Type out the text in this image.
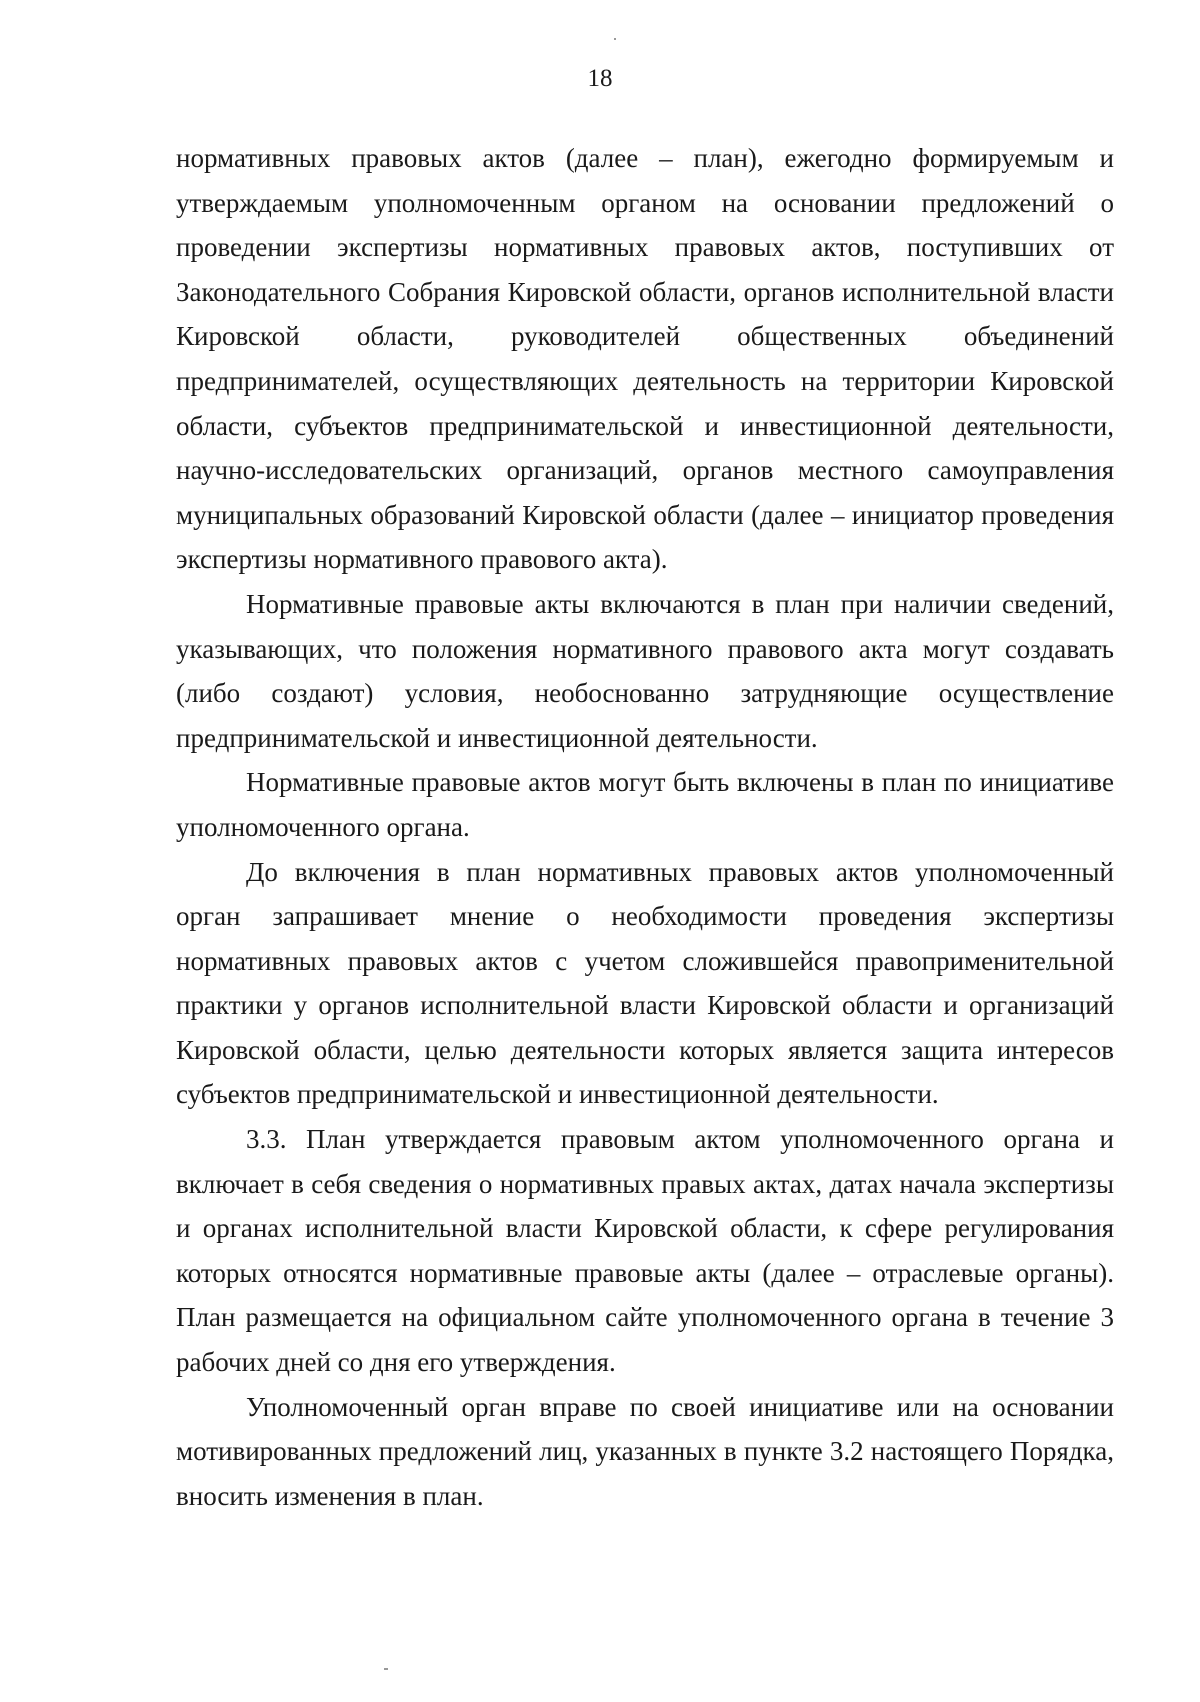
18

нормативных правовых актов (далее – план), ежегодно формируемым и утверждаемым уполномоченным органом на основании предложений о проведении экспертизы нормативных правовых актов, поступивших от Законодательного Собрания Кировской области, органов исполнительной власти Кировской области, руководителей общественных объединений предпринимателей, осуществляющих деятельность на территории Кировской области, субъектов предпринимательской и инвестиционной деятельности, научно-исследовательских организаций, органов местного самоуправления муниципальных образований Кировской области (далее – инициатор проведения экспертизы нормативного правового акта).

Нормативные правовые акты включаются в план при наличии сведений, указывающих, что положения нормативного правового акта могут создавать (либо создают) условия, необоснованно затрудняющие осуществление предпринимательской и инвестиционной деятельности.

Нормативные правовые актов могут быть включены в план по инициативе уполномоченного органа.

До включения в план нормативных правовых актов уполномоченный орган запрашивает мнение о необходимости проведения экспертизы нормативных правовых актов с учетом сложившейся правоприменительной практики у органов исполнительной власти Кировской области и организаций Кировской области, целью деятельности которых является защита интересов субъектов предпринимательской и инвестиционной деятельности.

3.3. План утверждается правовым актом уполномоченного органа и включает в себя сведения о нормативных правых актах, датах начала экспертизы и органах исполнительной власти Кировской области, к сфере регулирования которых относятся нормативные правовые акты (далее – отраслевые органы). План размещается на официальном сайте уполномоченного органа в течение 3 рабочих дней со дня его утверждения.

Уполномоченный орган вправе по своей инициативе или на основании мотивированных предложений лиц, указанных в пункте 3.2 настоящего Порядка, вносить изменения в план.
